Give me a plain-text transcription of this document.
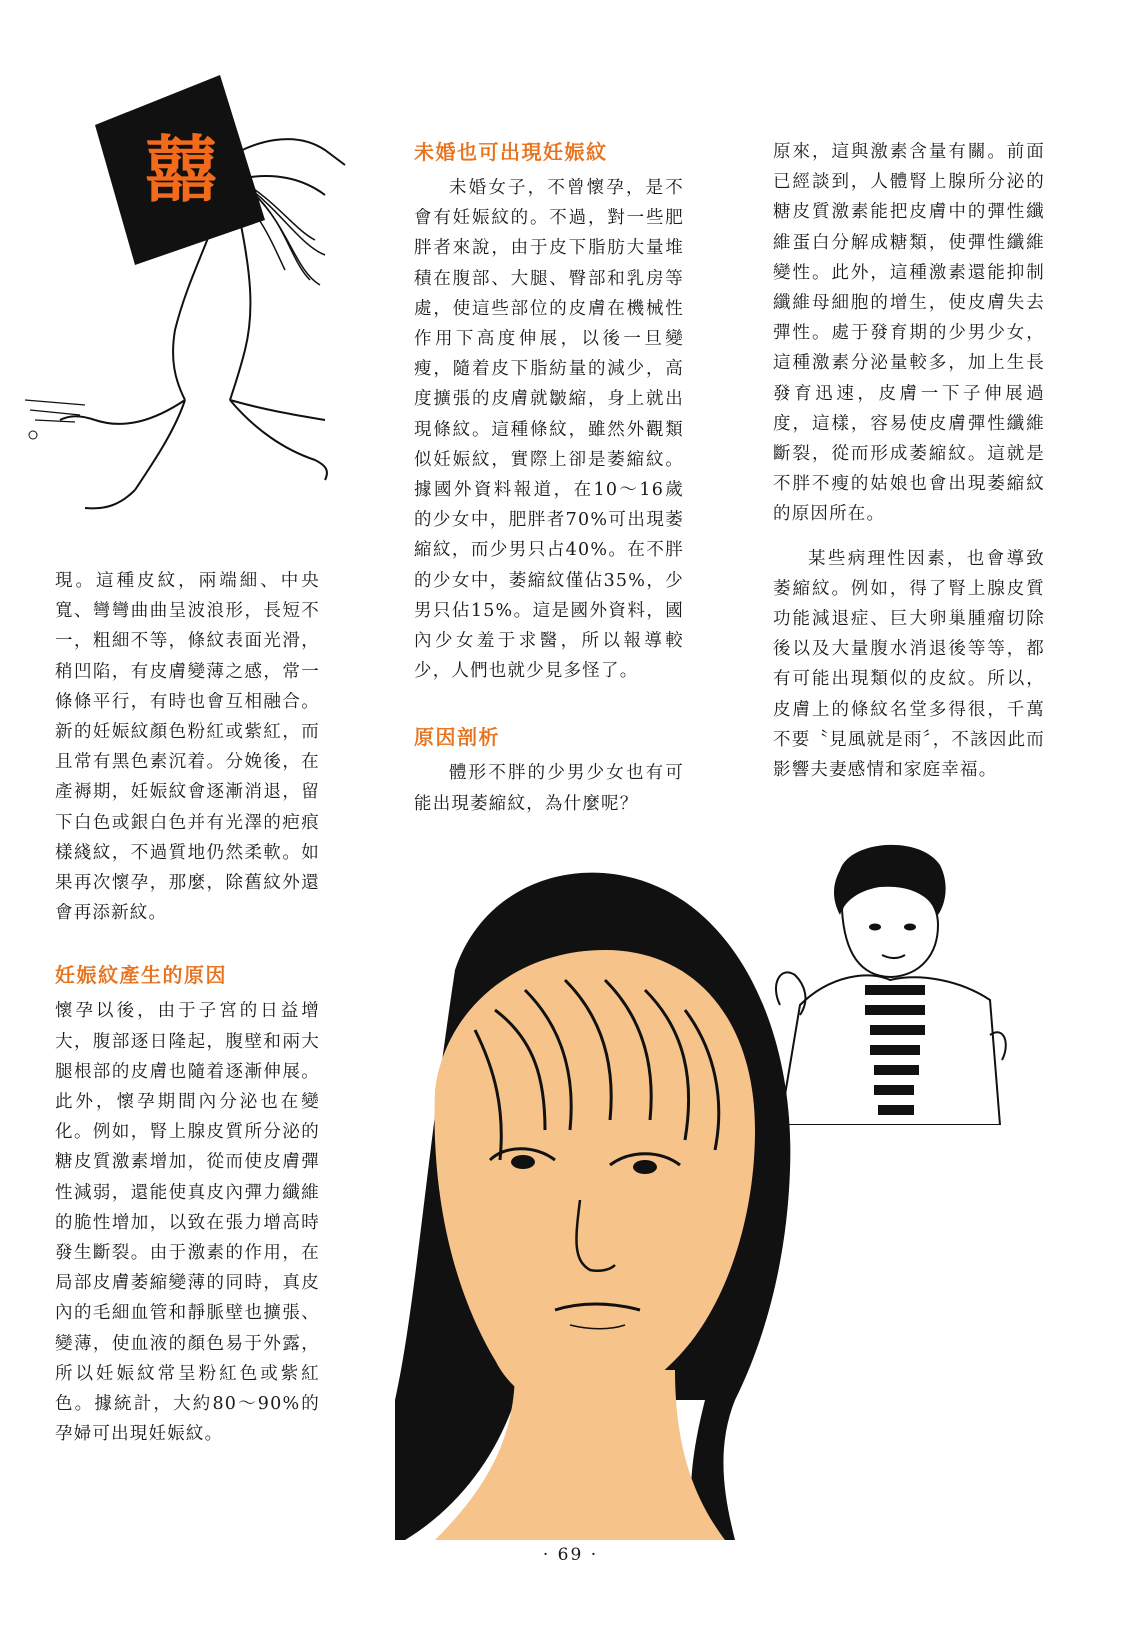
囍

現。這種皮紋，兩端細、中央寬、彎彎曲曲呈波浪形，長短不一，粗細不等，條紋表面光滑，稍凹陷，有皮膚變薄之感，常一條條平行，有時也會互相融合。新的妊娠紋顏色粉紅或紫紅，而且常有黑色素沉着。分娩後，在產褥期，妊娠紋會逐漸消退，留下白色或銀白色并有光澤的疤痕樣綫紋，不過質地仍然柔軟。如果再次懷孕，那麼，除舊紋外還會再添新紋。

妊娠紋產生的原因

懷孕以後，由于子宮的日益增大，腹部逐日隆起，腹壁和兩大腿根部的皮膚也隨着逐漸伸展。此外，懷孕期間內分泌也在變化。例如，腎上腺皮質所分泌的糖皮質激素增加，從而使皮膚彈性減弱，還能使真皮內彈力纖維的脆性增加，以致在張力增高時發生斷裂。由于激素的作用，在局部皮膚萎縮變薄的同時，真皮內的毛細血管和靜脈壁也擴張、變薄，使血液的顏色易于外露，所以妊娠紋常呈粉紅色或紫紅色。據統計，大約80～90%的孕婦可出現妊娠紋。

未婚也可出現妊娠紋

未婚女子，不曾懷孕，是不會有妊娠紋的。不過，對一些肥胖者來說，由于皮下脂肪大量堆積在腹部、大腿、臀部和乳房等處，使這些部位的皮膚在機械性作用下高度伸展，以後一旦變瘦，隨着皮下脂紡量的減少，高度擴張的皮膚就皺縮，身上就出現條紋。這種條紋，雖然外觀類似妊娠紋，實際上卻是萎縮紋。據國外資料報道，在10～16歲的少女中，肥胖者70%可出現萎縮紋，而少男只占40%。在不胖的少女中，萎縮紋僅佔35%，少男只佔15%。這是國外資料，國內少女羞于求醫，所以報導較少，人們也就少見多怪了。

原因剖析

體形不胖的少男少女也有可能出現萎縮紋，為什麼呢？

原來，這與激素含量有關。前面已經談到，人體腎上腺所分泌的糖皮質激素能把皮膚中的彈性纖維蛋白分解成糖類，使彈性纖維變性。此外，這種激素還能抑制纖維母細胞的增生，使皮膚失去彈性。處于發育期的少男少女，這種激素分泌量較多，加上生長發育迅速，皮膚一下子伸展過度，這樣，容易使皮膚彈性纖維斷裂，從而形成萎縮紋。這就是不胖不瘦的姑娘也會出現萎縮紋的原因所在。

某些病理性因素，也會導致萎縮紋。例如，得了腎上腺皮質功能減退症、巨大卵巢腫瘤切除後以及大量腹水消退後等等，都有可能出現類似的皮紋。所以，皮膚上的條紋名堂多得很，千萬不要〝見風就是雨〞，不該因此而影響夫妻感情和家庭幸福。

· 69 ·
